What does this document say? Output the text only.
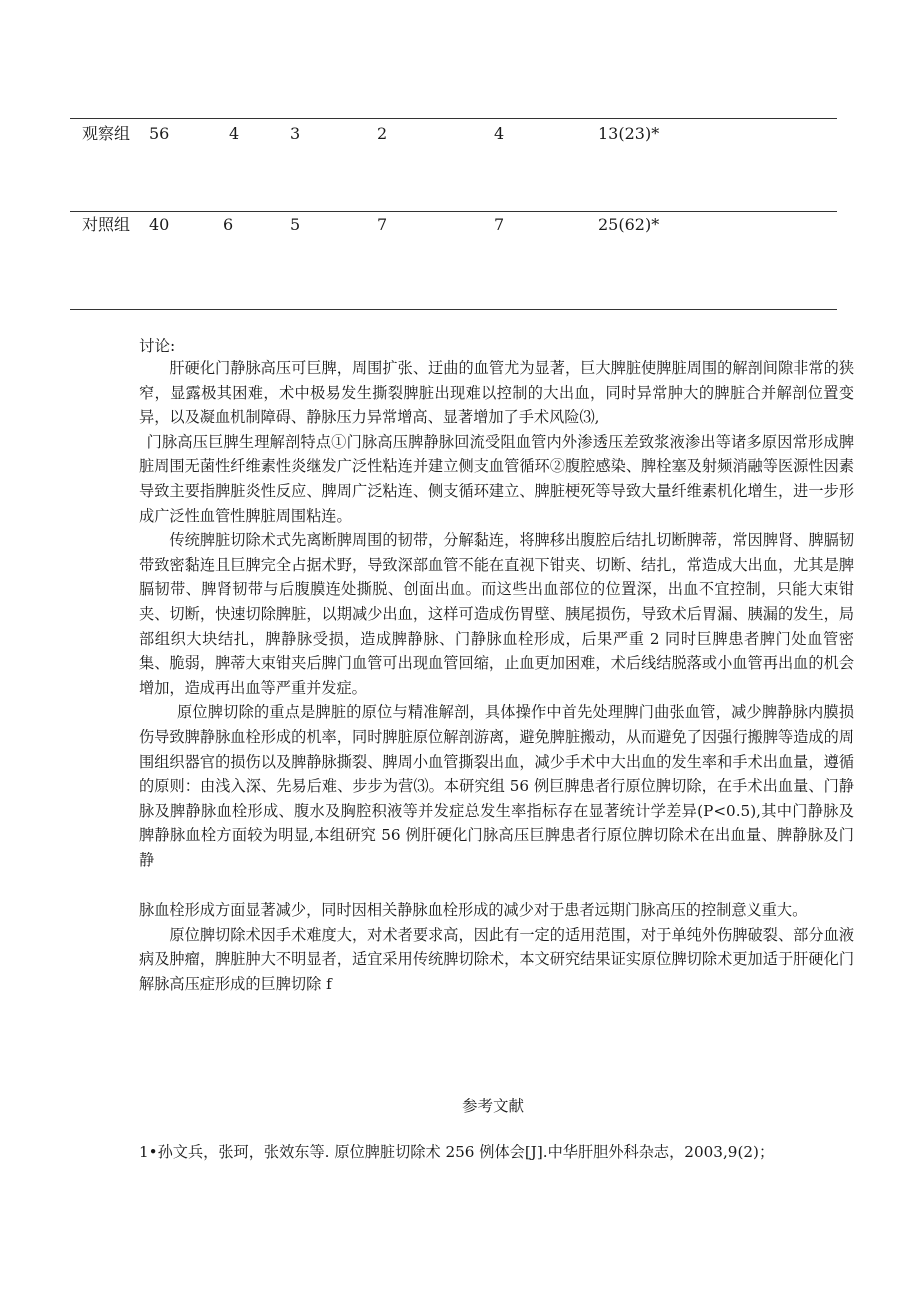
观察组 56	4	3	2	4	13(23)*
对照组 40	6	5	7	7	25(62)*
讨论:

肝硬化门静脉高压可巨脾，周围扩张、迂曲的血管尤为显著，巨大脾脏使脾脏周围的解剖间隙非常的狭窄，显露极其困难，术中极易发生撕裂脾脏出现难以控制的大出血，同时异常肿大的脾脏合并解剖位置变异，以及凝血机制障碍、静脉压力异常增高、显著增加了手术风险⑶,

门脉高压巨脾生理解剖特点①门脉高压脾静脉回流受阻血管内外渗透压差致浆液渗出等诸多原因常形成脾脏周围无菌性纤维素性炎继发广泛性粘连并建立侧支血管循环②腹腔感染、脾栓塞及射频消融等医源性因素导致主要指脾脏炎性反应、脾周广泛粘连、侧支循环建立、脾脏梗死等导致大量纤维素机化增生，进一步形成广泛性血管性脾脏周围粘连。

传统脾脏切除术式先离断脾周围的韧带，分解黏连，将脾移出腹腔后结扎切断脾蒂，常因脾肾、脾膈韧带致密黏连且巨脾完全占据术野，导致深部血管不能在直视下钳夹、切断、结扎，常造成大出血，尤其是脾膈韧带、脾肾韧带与后腹膜连处撕脱、创面出血。而这些出血部位的位置深，出血不宜控制，只能大束钳夹、切断，快速切除脾脏，以期减少出血，这样可造成伤胃壁、胰尾损伤，导致术后胃漏、胰漏的发生，局部组织大块结扎，脾静脉受损，造成脾静脉、门静脉血栓形成，后果严重 2 同时巨脾患者脾门处血管密集、脆弱，脾蒂大束钳夹后脾门血管可出现血管回缩，止血更加困难，术后线结脱落或小血管再出血的机会增加，造成再出血等严重并发症。

原位脾切除的重点是脾脏的原位与精准解剖，具体操作中首先处理脾门曲张血管，减少脾静脉内膜损伤导致脾静脉血栓形成的机率，同时脾脏原位解剖游离，避免脾脏搬动，从而避免了因强行搬脾等造成的周围组织器官的损伤以及脾静脉撕裂、脾周小血管撕裂出血，减少手术中大出血的发生率和手术出血量，遵循的原则：由浅入深、先易后难、步步为营⑶。本研究组 56 例巨脾患者行原位脾切除，在手术出血量、门静脉及脾静脉血栓形成、腹水及胸腔积液等并发症总发生率指标存在显著统计学差异(P<0.5),其中门静脉及脾静脉血栓方面较为明显,本组研究 56 例肝硬化门脉高压巨脾患者行原位脾切除术在出血量、脾静脉及门静

脉血栓形成方面显著减少，同时因相关静脉血栓形成的减少对于患者远期门脉高压的控制意义重大。

原位脾切除术因手术难度大，对术者要求高，因此有一定的适用范围，对于单纯外伤脾破裂、部分血液病及肿瘤，脾脏肿大不明显者，适宜采用传统脾切除术，本文研究结果证实原位脾切除术更加适于肝硬化门解脉高压症形成的巨脾切除 f

参考文献
1•孙文兵，张珂，张效东等. 原位脾脏切除术 256 例体会[J].中华肝胆外科杂志，2003,9(2)；
